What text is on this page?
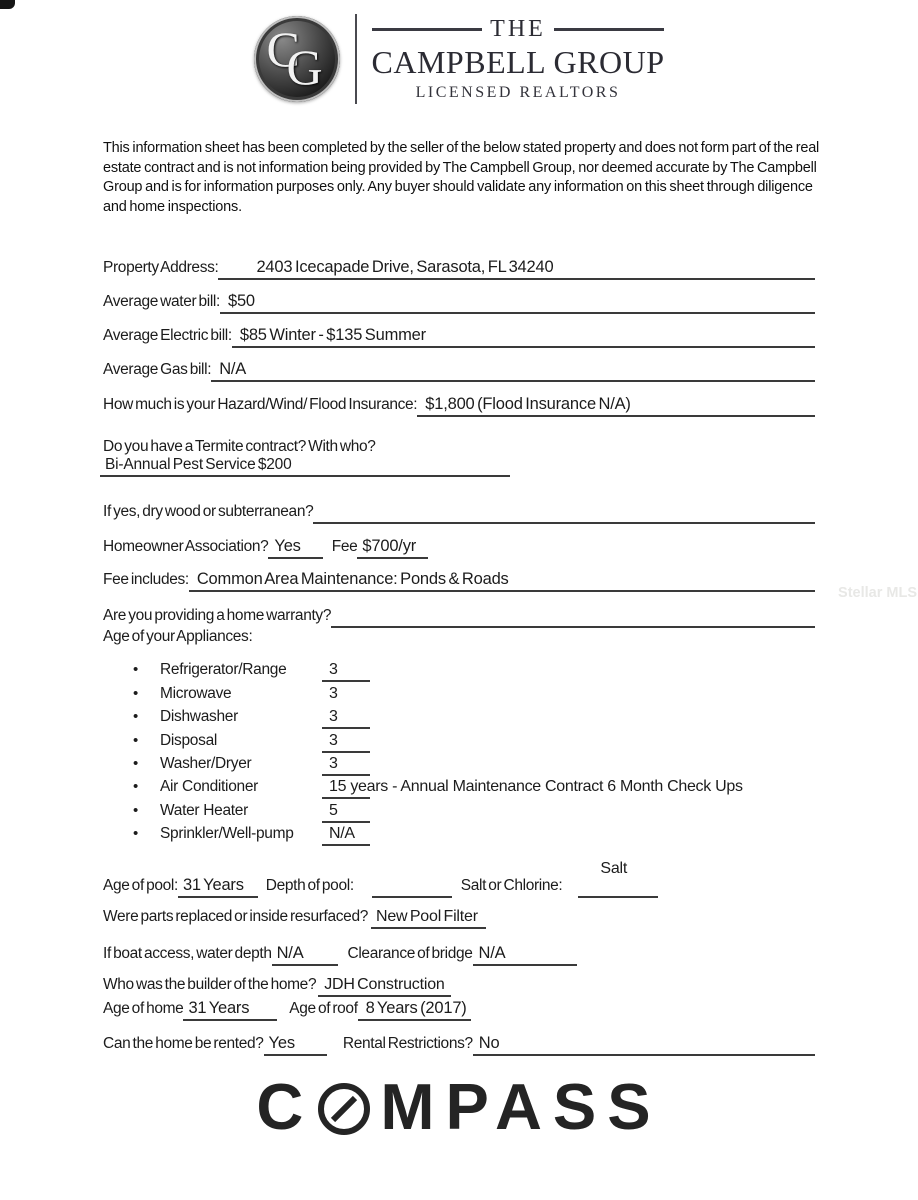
C
G
THE
CAMPBELL GROUP
LICENSED REALTORS
This information sheet has been completed by the seller of the below stated property and does not form part of the real estate contract and is not information being provided by The Campbell Group, nor deemed accurate by The Campbell Group and is for information purposes only. Any buyer should validate any information on this sheet through diligence and home inspections.
Property Address:	2403 Icecapade Drive, Sarasota, FL 34240
Average water bill: $50
Average Electric bill: $85 Winter - $135 Summer
Average Gas bill: N/A
How much is your Hazard/Wind/ Flood Insurance: $1,800 (Flood Insurance N/A)
Do you have a Termite contract? With who?
Bi-Annual Pest Service $200
If yes, dry wood or subterranean?
Homeowner Association? Yes	Fee $700/yr
Fee includes: Common Area Maintenance: Ponds & Roads
Are you providing a home warranty?
Age of your Appliances:
• Refrigerator/Range	3
• Microwave	3
• Dishwasher	3
• Disposal	3
• Washer/Dryer	3
• Air Conditioner	15 years - Annual Maintenance Contract 6 Month Check Ups
• Water Heater	5
• Sprinkler/Well-pump	N/A
Age of pool: 31 Years	Depth of pool:	Salt or Chlorine:
Salt
Were parts replaced or inside resurfaced? New Pool Filter
If boat access, water depth N/A	Clearance of bridge N/A
Who was the builder of the home? JDH Construction
Age of home 31 Years	Age of roof 8 Years (2017)
Can the home be rented? Yes	Rental Restrictions? No
C MPASS
Stellar MLS
